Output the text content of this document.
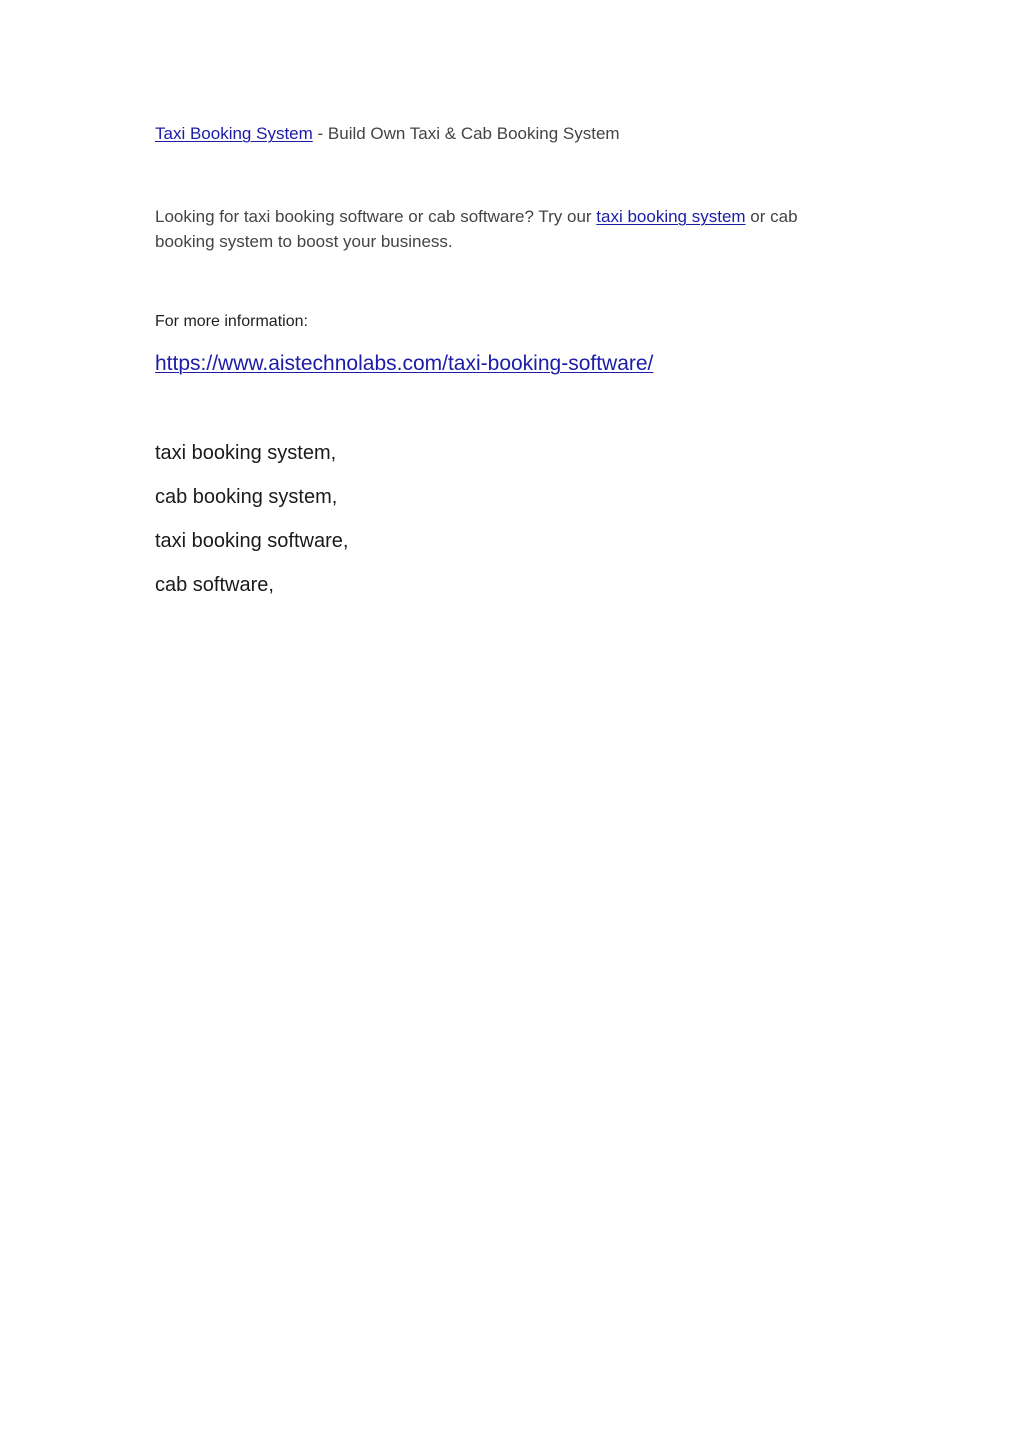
Taxi Booking System - Build Own Taxi & Cab Booking System
Looking for taxi booking software or cab software? Try our taxi booking system or cab booking system to boost your business.
For more information:
https://www.aistechnolabs.com/taxi-booking-software/
taxi booking system,
cab booking system,
taxi booking software,
cab software,
